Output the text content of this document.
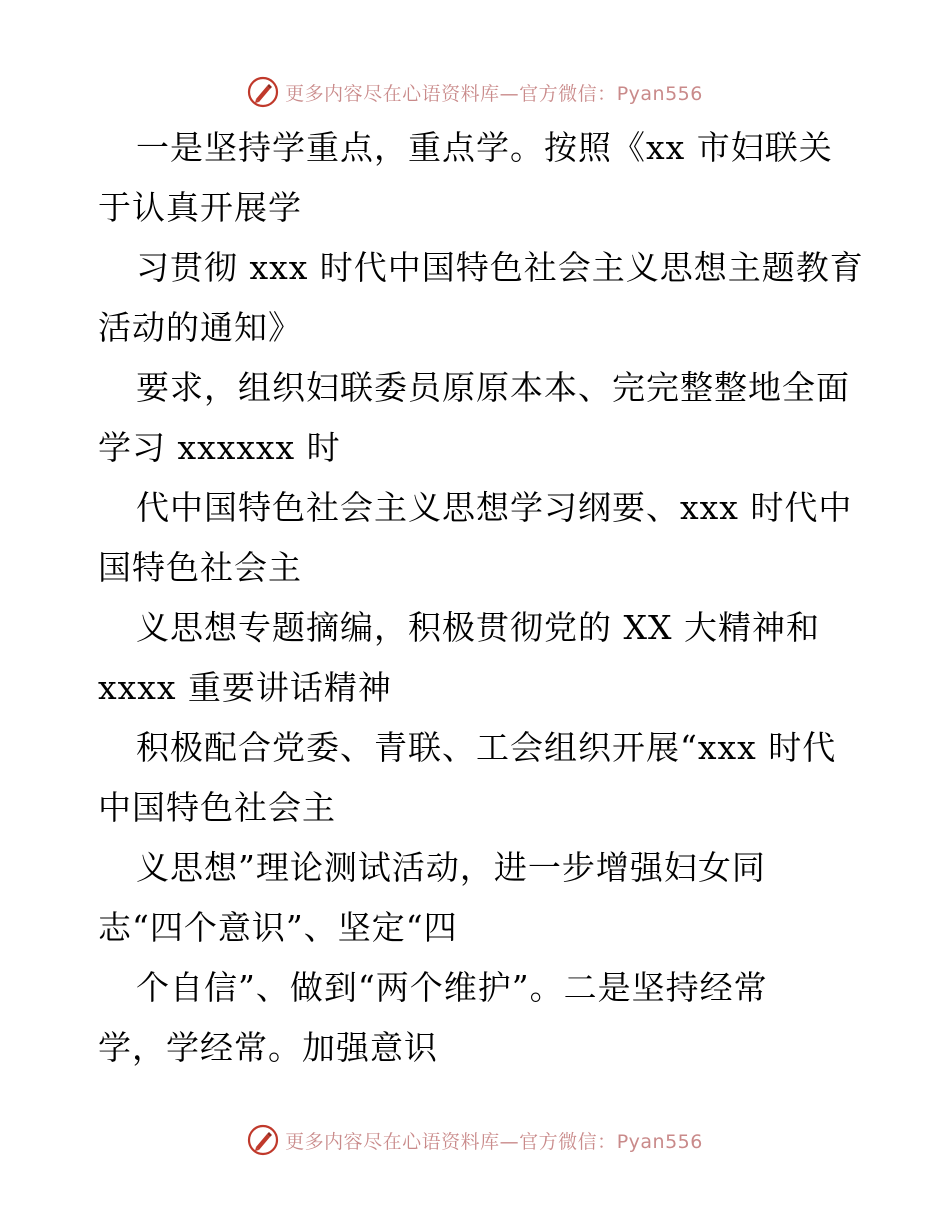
更多内容尽在心语资料库—官方微信：Pyan556
一是坚持学重点，重点学。按照《xx 市妇联关
于认真开展学
习贯彻 xxx 时代中国特色社会主义思想主题教育
活动的通知》
要求，组织妇联委员原原本本、完完整整地全面
学习 xxxxxx 时
代中国特色社会主义思想学习纲要、xxx 时代中
国特色社会主
义思想专题摘编，积极贯彻党的 XX 大精神和
xxxx 重要讲话精神
积极配合党委、青联、工会组织开展“xxx 时代
中国特色社会主
义思想”理论测试活动，进一步增强妇女同
志“四个意识”、坚定“四
个自信”、做到“两个维护”。二是坚持经常
学，学经常。加强意识
更多内容尽在心语资料库—官方微信：Pyan556
